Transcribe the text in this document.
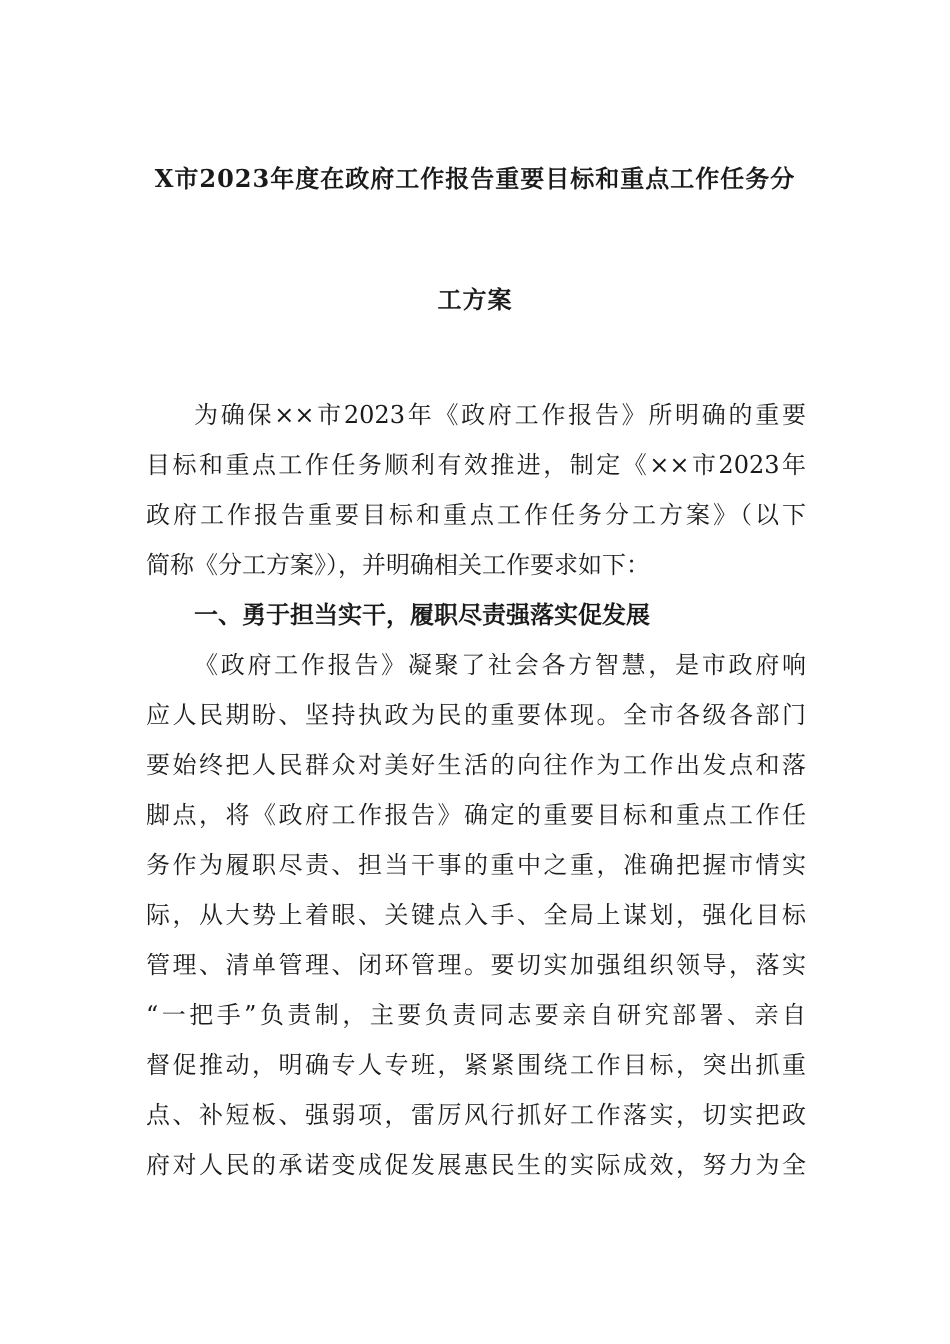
X市2023年度在政府工作报告重要目标和重点工作任务分
工方案
为确保××市2023年《政府工作报告》所明确的重要
目标和重点工作任务顺利有效推进，制定《××市2023年
政府工作报告重要目标和重点工作任务分工方案》（以下
简称《分工方案》），并明确相关工作要求如下：
一、勇于担当实干，履职尽责强落实促发展
《政府工作报告》凝聚了社会各方智慧，是市政府响
应人民期盼、坚持执政为民的重要体现。全市各级各部门
要始终把人民群众对美好生活的向往作为工作出发点和落
脚点，将《政府工作报告》确定的重要目标和重点工作任
务作为履职尽责、担当干事的重中之重，准确把握市情实
际，从大势上着眼、关键点入手、全局上谋划，强化目标
管理、清单管理、闭环管理。要切实加强组织领导，落实
“一把手”负责制，主要负责同志要亲自研究部署、亲自
督促推动，明确专人专班，紧紧围绕工作目标，突出抓重
点、补短板、强弱项，雷厉风行抓好工作落实，切实把政
府对人民的承诺变成促发展惠民生的实际成效，努力为全
